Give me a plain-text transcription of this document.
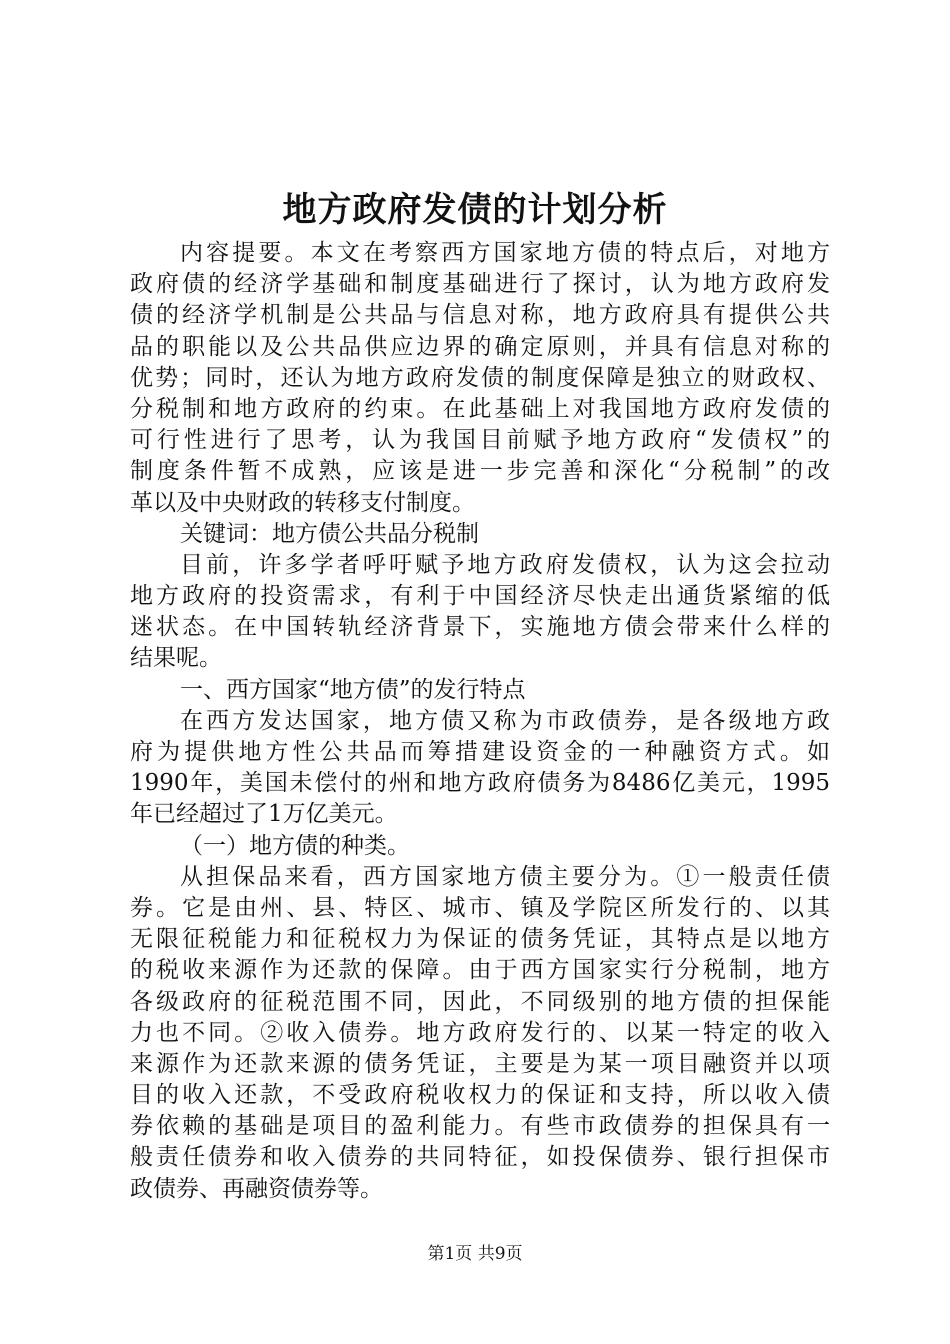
地方政府发债的计划分析
内容提要。本文在考察西方国家地方债的特点后，对地方
政府债的经济学基础和制度基础进行了探讨，认为地方政府发
债的经济学机制是公共品与信息对称，地方政府具有提供公共
品的职能以及公共品供应边界的确定原则，并具有信息对称的
优势；同时，还认为地方政府发债的制度保障是独立的财政权、
分税制和地方政府的约束。在此基础上对我国地方政府发债的
可行性进行了思考，认为我国目前赋予地方政府“发债权”的
制度条件暂不成熟，应该是进一步完善和深化“分税制”的改
革以及中央财政的转移支付制度。
关键词：地方债公共品分税制
目前，许多学者呼吁赋予地方政府发债权，认为这会拉动
地方政府的投资需求，有利于中国经济尽快走出通货紧缩的低
迷状态。在中国转轨经济背景下，实施地方债会带来什么样的
结果呢。
一、西方国家“地方债”的发行特点
在西方发达国家，地方债又称为市政债券，是各级地方政
府为提供地方性公共品而筹措建设资金的一种融资方式。如
1990年，美国未偿付的州和地方政府债务为8486亿美元，1995
年已经超过了1万亿美元。
（一）地方债的种类。
从担保品来看，西方国家地方债主要分为。①一般责任债
券。它是由州、县、特区、城市、镇及学院区所发行的、以其
无限征税能力和征税权力为保证的债务凭证，其特点是以地方
的税收来源作为还款的保障。由于西方国家实行分税制，地方
各级政府的征税范围不同，因此，不同级别的地方债的担保能
力也不同。②收入债券。地方政府发行的、以某一特定的收入
来源作为还款来源的债务凭证，主要是为某一项目融资并以项
目的收入还款，不受政府税收权力的保证和支持，所以收入债
券依赖的基础是项目的盈利能力。有些市政债券的担保具有一
般责任债券和收入债券的共同特征，如投保债券、银行担保市
政债券、再融资债券等。
第1页 共9页
